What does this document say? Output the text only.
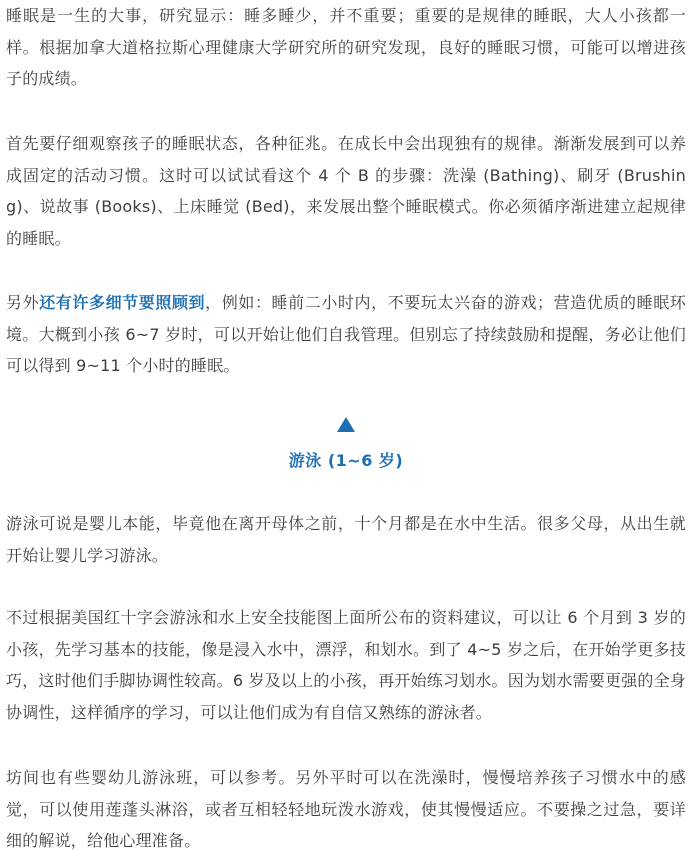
睡眠是一生的大事，研究显示：睡多睡少，并不重要；重要的是规律的睡眠，大人小孩都一样。根据加拿大道格拉斯心理健康大学研究所的研究发现，良好的睡眠习惯，可能可以增进孩子的成绩。

首先要仔细观察孩子的睡眠状态，各种征兆。在成长中会出现独有的规律。渐渐发展到可以养成固定的活动习惯。这时可以试试看这个 4 个 B 的步骤：洗澡 (Bathing)、刷牙 (Brushing)、说故事 (Books)、上床睡觉 (Bed)，来发展出整个睡眠模式。你必须循序渐进建立起规律的睡眠。

另外还有许多细节要照顾到，例如：睡前二小时内，不要玩太兴奋的游戏；营造优质的睡眠环境。大概到小孩 6~7 岁时，可以开始让他们自我管理。但别忘了持续鼓励和提醒，务必让他们可以得到 9~11 个小时的睡眠。

游泳 (1~6 岁)

游泳可说是婴儿本能，毕竟他在离开母体之前，十个月都是在水中生活。很多父母，从出生就开始让婴儿学习游泳。

不过根据美国红十字会游泳和水上安全技能图上面所公布的资料建议，可以让 6 个月到 3 岁的小孩，先学习基本的技能，像是浸入水中，漂浮，和划水。到了 4~5 岁之后，在开始学更多技巧，这时他们手脚协调性较高。6 岁及以上的小孩，再开始练习划水。因为划水需要更强的全身协调性，这样循序的学习，可以让他们成为有自信又熟练的游泳者。

坊间也有些婴幼儿游泳班，可以参考。另外平时可以在洗澡时，慢慢培养孩子习惯水中的感觉，可以使用莲蓬头淋浴，或者互相轻轻地玩泼水游戏，使其慢慢适应。不要操之过急，要详细的解说，给他心理准备。
